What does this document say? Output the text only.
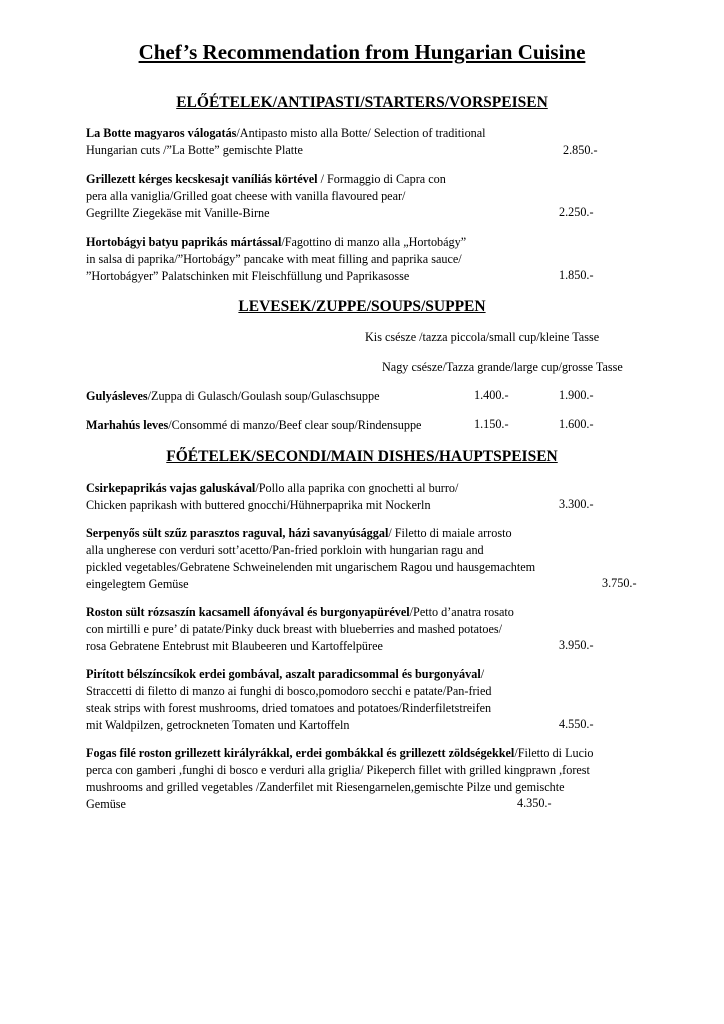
Chef’s Recommendation from Hungarian Cuisine
ELŐÉTELEK/ANTIPASTI/STARTERS/VORSPEISEN
La Botte magyaros válogatás/Antipasto misto alla Botte/ Selection of traditional
Hungarian cuts /”La Botte” gemischte Platte	2.850.-
Grillezett kérges kecskesajt vaníliás körtével / Formaggio di Capra con
pera alla vaniglia/Grilled goat cheese with vanilla flavoured pear/
Gegrillte Ziegekäse mit Vanille-Birne	2.250.-
Hortobágyi batyu paprikás mártással/Fagottino di manzo alla „Hortobágy”
in salsa di paprika/”Hortobágy” pancake with meat filling and paprika sauce/
”Hortobágyer” Palatschinken mit Fleischfüllung und Paprikasosse	1.850.-
LEVESEK/ZUPPE/SOUPS/SUPPEN
Kis csésze /tazza piccola/small cup/kleine Tasse
Nagy csésze/Tazza grande/large cup/grosse Tasse
Gulyásleves/Zuppa di Gulasch/Goulash soup/Gulaschsuppe	1.400.-	1.900.-
Marhahús leves/Consommé di manzo/Beef clear soup/Rindensuppe	1.150.-	1.600.-
FŐÉTELEK/SECONDI/MAIN DISHES/HAUPTSPEISEN
Csirkepaprikás vajas galuskával/Pollo alla paprika con gnochetti al burro/
Chicken paprikash with buttered gnocchi/Hühnerpaprika mit Nockerln	3.300.-
Serpenyős sült szűz parasztos raguval, házi savanyúsággal/ Filetto di maiale arrosto
alla ungherese con verduri sott’acetto/Pan-fried porkloin with hungarian ragu and
pickled vegetables/Gebratene Schweinelenden mit ungarischem Ragou und hausgemachtem
eingelegtem Gemüse	3.750.-
Roston sült rózsaszín kacsamell áfonyával és burgonyapürével/Petto d’anatra rosato
con mirtilli e pure’ di patate/Pinky duck breast with blueberries and mashed potatoes/
rosa Gebratene Entebrust mit Blaubeeren und Kartoffelpüree	3.950.-
Pirított bélszíncsíkok erdei gombával, aszalt paradicsommal és burgonyával/
Straccetti di filetto di manzo ai funghi di bosco,pomodoro secchi e patate/Pan-fried
steak strips with forest mushrooms, dried tomatoes and potatoes/Rinderfiletstreifen
mit Waldpilzen, getrockneten Tomaten und Kartoffeln	4.550.-
Fogas filé roston grillezett királyrákkal, erdei gombákkal és grillezett zöldségekkel/Filetto di Lucio
perca con gamberi ,funghi di bosco e verduri alla griglia/ Pikeperch fillet with grilled kingprawn ,forest
mushrooms and grilled vegetables /Zanderfilet mit Riesengarnelen,gemischte Pilze und gemischte
Gemüse	4.350.-
